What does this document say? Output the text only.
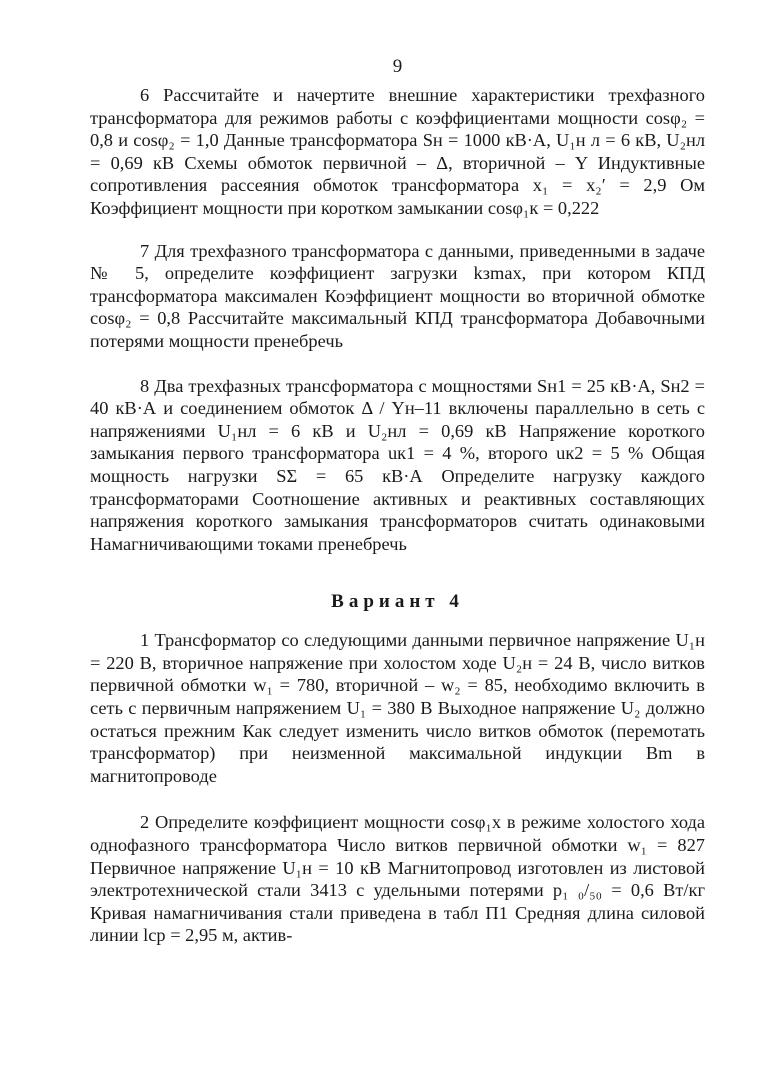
9

6 Рассчитайте и начертите внешние характеристики трехфазного трансформатора для режимов работы с коэффициентами мощности cosφ₂ = 0,8 и cosφ₂ = 1,0 Данные трансформатора Sн = 1000 кВ·А, U₁н л = 6 кВ, U₂нл = 0,69 кВ Схемы обмоток первичной – Δ, вторичной – Y Индуктивные сопротивления рассеяния обмоток трансформатора x₁ = x₂′ = 2,9 Ом Коэффициент мощности при коротком замыкании cosφ₁к = 0,222

7 Для трехфазного трансформатора с данными, приведенными в задаче № 5, определите коэффициент загрузки kзmax, при котором КПД трансформатора максимален Коэффициент мощности во вторичной обмотке cosφ₂ = 0,8 Рассчитайте максимальный КПД трансформатора Добавочными потерями мощности пренебречь

8 Два трехфазных трансформатора с мощностями Sн1 = 25 кВ·А, Sн2 = 40 кВ·А и соединением обмоток Δ / Yн–11 включены параллельно в сеть с напряжениями U₁нл = 6 кВ и U₂нл = 0,69 кВ Напряжение короткого замыкания первого трансформатора uк1 = 4 %, второго uк2 = 5 % Общая мощность нагрузки SΣ = 65 кВ·А Определите нагрузку каждого трансформаторами Соотношение активных и реактивных составляющих напряжения короткого замыкания трансформаторов считать одинаковыми Намагничивающими токами пренебречь

Вариант 4

1 Трансформатор со следующими данными первичное напряжение U₁н = 220 В, вторичное напряжение при холостом ходе U₂н = 24 В, число витков первичной обмотки w₁ = 780, вторичной – w₂ = 85, необходимо включить в сеть с первичным напряжением U₁ = 380 В Выходное напряжение U₂ должно остаться прежним Как следует изменить число витков обмоток (перемотать трансформатор) при неизменной максимальной индукции Bm в магнитопроводе

2 Определите коэффициент мощности cosφ₁х в режиме холостого хода однофазного трансформатора Число витков первичной обмотки w₁ = 827 Первичное напряжение U₁н = 10 кВ Магнитопровод изготовлен из листовой электротехнической стали 3413 с удельными потерями p₁ ₀/₅₀ = 0,6 Вт/кг Кривая намагничивания стали приведена в табл П1 Средняя длина силовой линии lср = 2,95 м, актив-
